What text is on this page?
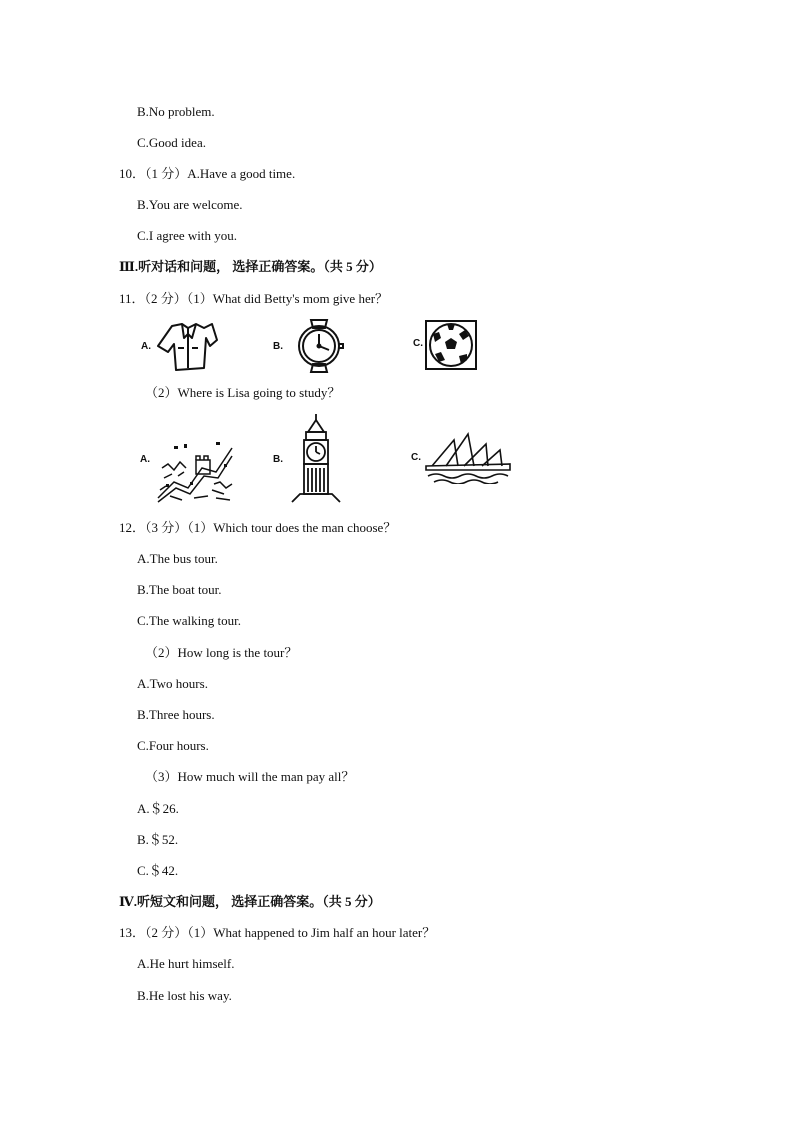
B.No problem.
C.Good idea.
10．（1 分）A.Have a good time.
B.You are welcome.
C.I agree with you.
Ⅲ.听对话和问题， 选择正确答案。（共 5 分）
11．（2 分）（1）What did Betty's mom give her？
A.	B.	C.
（2）Where is Lisa going to study？
A.	B.	C.
12．（3 分）（1）Which tour does the man choose？
A.The bus tour.
B.The boat tour.
C.The walking tour.
（2）How long is the tour？
A.Two hours.
B.Three hours.
C.Four hours.
（3）How much will the man pay all？
A.＄26.
B.＄52.
C.＄42.
Ⅳ.听短文和问题， 选择正确答案。（共 5 分）
13．（2 分）（1）What happened to Jim half an hour later？
A.He hurt himself.
B.He lost his way.
